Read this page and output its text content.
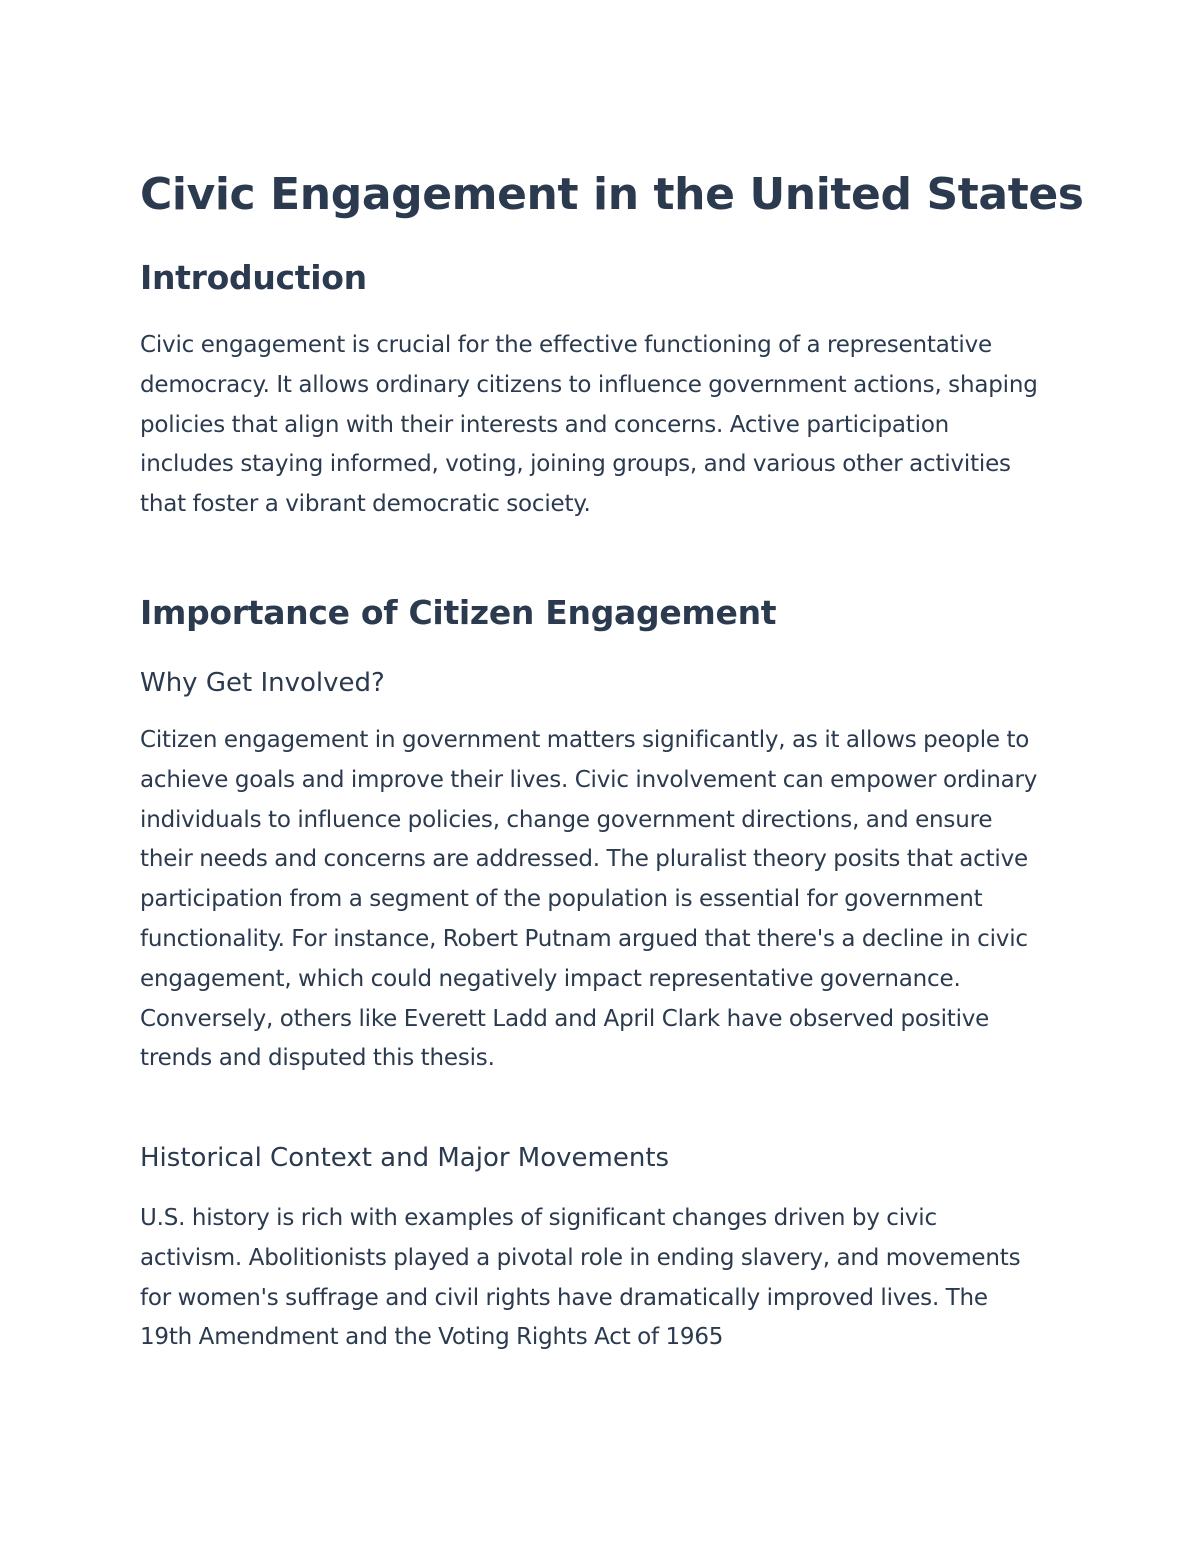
Civic Engagement in the United States
Introduction

Civic engagement is crucial for the effective functioning of a representative democracy. It allows ordinary citizens to influence government actions, shaping policies that align with their interests and concerns. Active participation includes staying informed, voting, joining groups, and various other activities that foster a vibrant democratic society.

Importance of Citizen Engagement
Why Get Involved?

Citizen engagement in government matters significantly, as it allows people to achieve goals and improve their lives. Civic involvement can empower ordinary individuals to influence policies, change government directions, and ensure their needs and concerns are addressed. The pluralist theory posits that active participation from a segment of the population is essential for government functionality. For instance, Robert Putnam argued that there's a decline in civic engagement, which could negatively impact representative governance. Conversely, others like Everett Ladd and April Clark have observed positive trends and disputed this thesis.

Historical Context and Major Movements

U.S. history is rich with examples of significant changes driven by civic activism. Abolitionists played a pivotal role in ending slavery, and movements for women's suffrage and civil rights have dramatically improved lives. The 19th Amendment and the Voting Rights Act of 1965
